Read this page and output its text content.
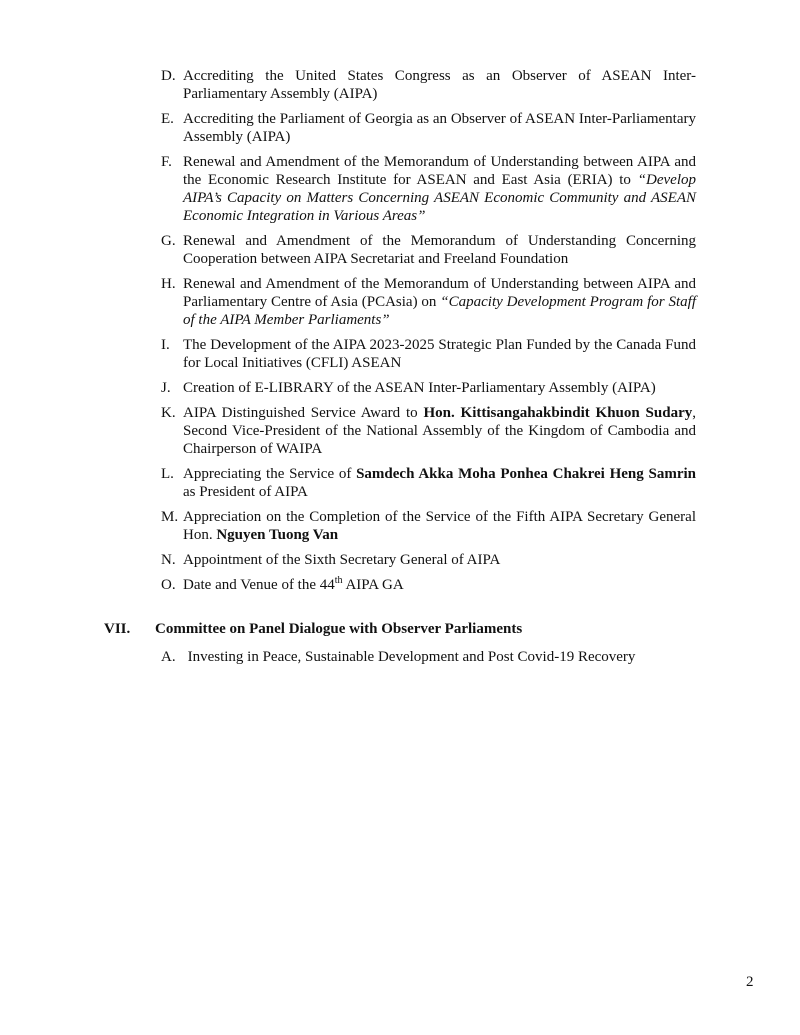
D. Accrediting the United States Congress as an Observer of ASEAN Inter-Parliamentary Assembly (AIPA)
E. Accrediting the Parliament of Georgia as an Observer of ASEAN Inter-Parliamentary Assembly (AIPA)
F. Renewal and Amendment of the Memorandum of Understanding between AIPA and the Economic Research Institute for ASEAN and East Asia (ERIA) to “Develop AIPA’s Capacity on Matters Concerning ASEAN Economic Community and ASEAN Economic Integration in Various Areas”
G. Renewal and Amendment of the Memorandum of Understanding Concerning Cooperation between AIPA Secretariat and Freeland Foundation
H. Renewal and Amendment of the Memorandum of Understanding between AIPA and Parliamentary Centre of Asia (PCAsia) on “Capacity Development Program for Staff of the AIPA Member Parliaments”
I. The Development of the AIPA 2023-2025 Strategic Plan Funded by the Canada Fund for Local Initiatives (CFLI) ASEAN
J. Creation of E-LIBRARY of the ASEAN Inter-Parliamentary Assembly (AIPA)
K. AIPA Distinguished Service Award to Hon. Kittisangahakbindit Khuon Sudary, Second Vice-President of the National Assembly of the Kingdom of Cambodia and Chairperson of WAIPA
L. Appreciating the Service of Samdech Akka Moha Ponhea Chakrei Heng Samrin as President of AIPA
M. Appreciation on the Completion of the Service of the Fifth AIPA Secretary General Hon. Nguyen Tuong Van
N. Appointment of the Sixth Secretary General of AIPA
O. Date and Venue of the 44th AIPA GA
VII. Committee on Panel Dialogue with Observer Parliaments
A. Investing in Peace, Sustainable Development and Post Covid-19 Recovery
2
